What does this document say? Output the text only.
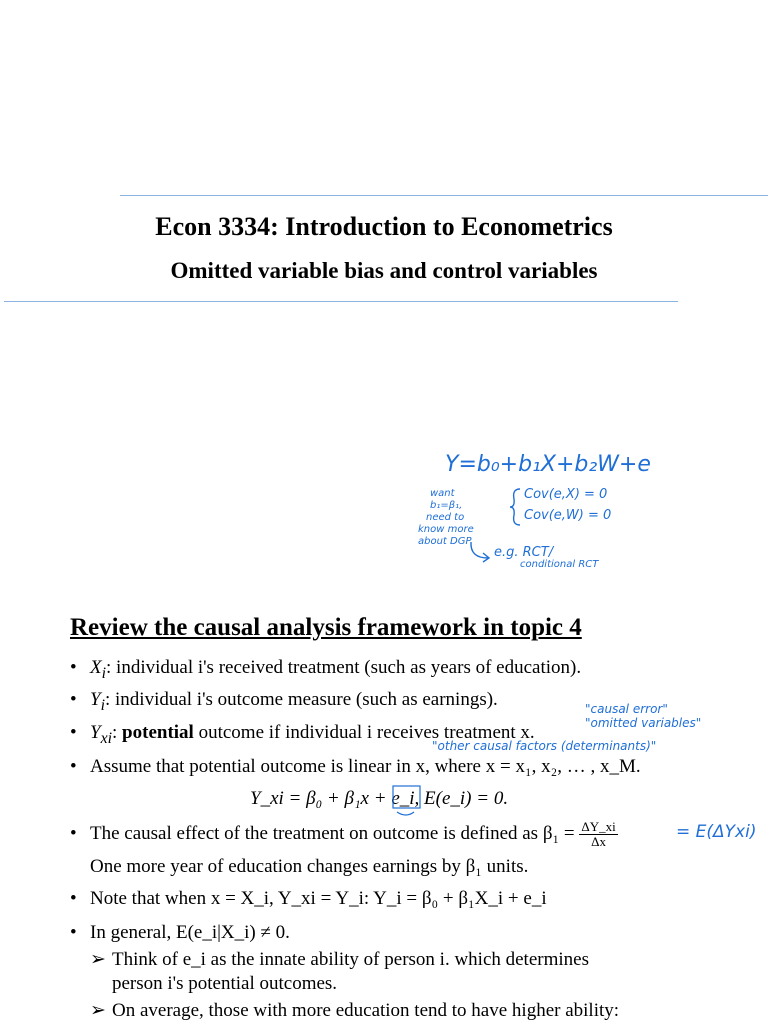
Econ 3334: Introduction to Econometrics
Omitted variable bias and control variables
Y=b₀+b₁X+b₂W+e
want
b₁=β₁,
need to
know more
about DGP
Cov(e,X) = 0
Cov(e,W) = 0
e.g. RCT/
conditional RCT
Review the causal analysis framework in topic 4
• $X_i$: individual i's received treatment (such as years of education).
• $Y_i$: individual i's outcome measure (such as earnings).	"causal error"
• $Y_{xi}$: potential outcome if individual i receives treatment x.	"omitted variables"
"other causal factors (determinants)"
• Assume that potential outcome is linear in x, where x = x₁, x₂, … , x_M.
Y_xi = β₀ + β₁x + e_i, E(e_i) = 0.
• The causal effect of the treatment on outcome is defined as $\beta_1 = \frac{\Delta Y\_xi}{\Delta x}$	= E(ΔYxi)
One more year of education changes earnings by β₁ units.
• Note that when x = X_i, Y_xi = Y_i: Y_i = β₀ + β₁X_i + e_i
• In general, E(e_i|X_i) ≠ 0.
➢ Think of e_i as the innate ability of person i. which determines
person i's potential outcomes.
➢ On average, those with more education tend to have higher ability:
